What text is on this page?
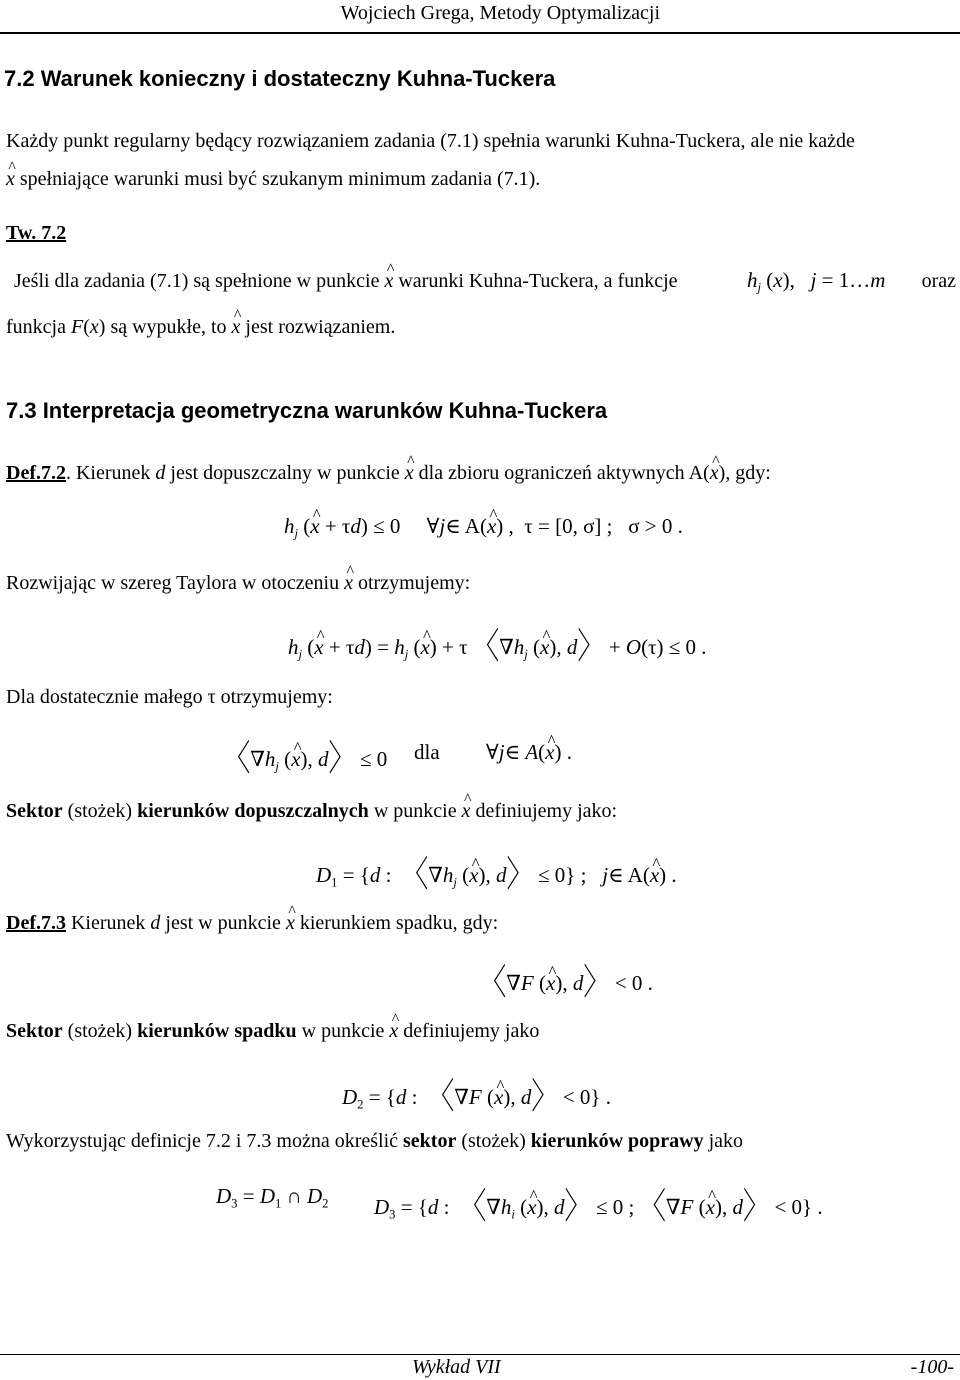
Wojciech Grega, Metody Optymalizacji
7.2 Warunek konieczny i dostateczny Kuhna-Tuckera
Każdy punkt regularny będący rozwiązaniem zadania (7.1) spełnia warunki Kuhna-Tuckera, ale nie każde
^ x spełniające warunki musi być szukanym minimum zadania (7.1).
Tw. 7.2
Jeśli dla zadania (7.1) są spełnione w punkcie ^ x warunki Kuhna-Tuckera, a funkcje	$h_j$ (x),   j = 1…m oraz
funkcja F(x) są wypukłe, to ^ x jest rozwiązaniem.
7.3 Interpretacja geometryczna warunków Kuhna-Tuckera
Def.7.2. Kierunek d jest dopuszczalny w punkcie ^ x dla zbioru ograniczeń aktywnych A(^ x), gdy:
$h_j$ (^ x + τd) ≤ 0     ∀j∈ A(^ x) ,  τ = [0, σ] ;   σ > 0 .
Rozwijając w szereg Taylora w otoczeniu ^ x otrzymujemy:
$h_j$ (^ $x + \tau d) = h_j$ (^ x) + τ 〈$\nabla h_j$ (^ x), d〉 + O(τ) ≤ 0 .
Dla dostatecznie małego τ otrzymujemy:
〈$\nabla h_j$ (^ x), d〉 ≤ 0 dla ∀j∈ A(^ x) .
Sektor (stożek) kierunków dopuszczalnych w punkcie ^ x definiujemy jako:
$D_1 = \{d$ :  〈$\nabla h_j$ (^ x), d〉 ≤ 0} ;   j∈ A(^ x) .
Def.7.3 Kierunek d jest w punkcie ^ x kierunkiem spadku, gdy:
〈∇F (^ x), d〉 < 0 .
Sektor (stożek) kierunków spadku w punkcie ^ x definiujemy jako
$D_2 = \{d$ :  〈∇F (^ x), d〉 < 0} .
Wykorzystując definicje 7.2 i 7.3 można określić sektor (stożek) kierunków poprawy jako
$D_3 = D_1$ ∩ $D_2$ $D_3 = \{d$ :  〈$\nabla h_i$ (^ x), d〉 ≤ 0 ; 〈∇F (^ x), d〉 < 0} .
Wykład VII	-100-
